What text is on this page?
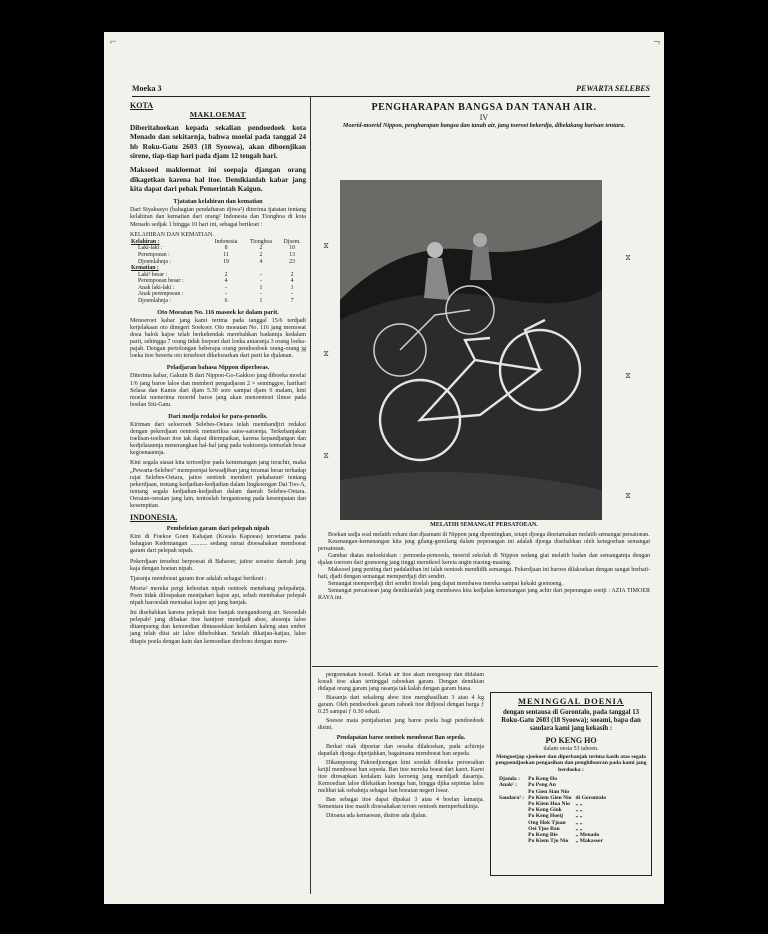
⌐	¬
Moeka 3	PEWARTA SELEBES
KOTA
MAKLOEMAT

Diberitahoekan kepada sekalian pendoedoek kota Menado dan sekitarnja, bahwa moelai pada tanggal 24 hb Roku-Gatu 2603 (18 Syoowa), akan diboenjikan sirene, tiap-tiap hari pada djam 12 tengah hari.

Maksoed makloemat ini soepaja djangan orang dikagetkan karena hal itoe. Demikianlah kabar jang kita dapat dari pehak Pemerintah Kaigun.

Tjatatan kelahiran dan kematian

Dari Siyakusyo (bahagian pendaftaran djiwa²) diterima tjatatan tentang kelahiran dan kematian dari orang² Indonesia dan Tionghoa di kota Menado sedjak 1 hingga 10 hari ini, sebagai berikoet :

KELAHIRAN DAN KEMATIAN.
Kelahiran :	Indonesia	Tionghoa	Djoem.
Laki-laki :	8	2	10
Perempoean :	11	2	13
Djoemlahnja :	19	4	23
Kematian :			
Laki² besar :	2	-	2
Perempoean besar :	4	-	4
Anak laki-laki :	-	1	1
Anak perempoean :	-	-	-
Djoemlahnja :	6	1	7
Oto Moeatan No. 116 masoek ke dalam parit.

Menoeroet kabar jang kami terima pada tanggal 15/6 terdjadi ketjelakaan oto dinegeri Soekoer. Oto moeatan No. 116 jang memoeat doea balok kajoe telah berkehendak merebahkan badannja kedalam parit, sehingga 7 orang tidak loepoet dari loeka antaranja 3 orang loeka-pajah. Dengan pertolongan beberapa orang pendoedoek orang-orang jg loeka itoe beserta oto terseboet dikeloearkan dari parit ke djalanan.

Peladjaran bahasa Nippon diperloeas.

Diterima kabar, Gakuin B dari Nippon-Go-Gakkoo jang diboeka moelai 1/6 jang baroe laloe dan memberi pengadjaran 2 × seminggoe, harihari Selasa dan Kamis dari djam 5.30 sore sampai djam 6 malam, kini moelai menerima moerid baroe jang akan menoentoet ilmoe pada boelan Siti-Gatu.

Dari medja redaksi ke para-penoelis.

Kiriman dari seloeroeh Selebes-Oetara telah membandjiri redaksi dengan pekerdjaan oentoek memeriksa satoe-satoenja. Terkebanjakan toelisan-toelisan itoe tak dapat ditempatkan, karena kepandjangan dan kedjelasannja menerangkan hal-hal jang pada waktoenja tentoelah besar kegoenaannja.

Kini segala siasat kita tertoedjoe pada kemenangan jang terachir, maka „Pewarta-Selebes” mempoenjai kewadjiban jang teramat besar terhadap rajat Selebes-Oetara, jaitoe oentoek memberi pekabaran² tentang pekerdjaan, tentang kedjadian-kedjadian dalam lingkoengan Dai Too-A, tentang segala kedjadian-kedjadian dalam daerah Selebes-Oetara. Oeraian-oeraian jang lain, tentoelah bergantoeng pada kesempatan dan kesempitan.

INDONESIA.
Pembeleian garam dari pelepah nipah

Kini di Foekoe Goen Kahajan (Koeala Kapoeas) teroetama pada bahagian Kedemangan ........... sedang ramai dioesahakan memboeat garam dari pelepah nipah.

Pekerdjaan tersebut berpoesat di Bahaoer, jaitoe soeatoe daerah jang kaja dengan hoetan nipah.

Tjaranja memboeat garam itoe adalah sebagai berikoet :

Moeia² mereka pergi kehoetan nipah oentoek menebang pelepahnja. Poen tidak diloepakan mentjahari kajoe api, sebab membakar pelepah nipah haroeslah memakai kajoe api jang banjak.

Ini disebabkan karena pelepah itoe banjak mengandoeng air. Sesoedah pelepah² jang dibakar itoe hantjoer mendjadi aboe, aboenja laloe ditampoeng dan kemoedian dimasoekkan kedalam kaleng atau ember jang telah diisi air laloe dihebohkan. Setelah dikatjau-katjau, laloe ditapis poela dengan kain dan kemoedian direboes dengan mem-

PENGHARAPAN BANGSA DAN TANAH AIR.
IV
Moerid-moerid Nippon, pengharapan bangsa dan tanah air, jang toeroet bekerdja, dibelakang barisan tentara.
⧖
⧖
⧖
⧖
⧖
⧖
MELATIH SEMANGAT PERSATOEAN.

Boekan sadja soal melatih rohani dan djasmani di Nippon jang dipentingkan, tetapi djoega dioetamakan melatih semangat persatoean.

Kesenangan-kemenangan kita jang gilang-gemilang dalam peperangan ini adalah djoega disebabkan oleh ketegoehan semangat persatoean.

Gambar diatas meloekiskan : pemoeda-pemoeda, moerid sekolah di Nippon sedang giat melatih badan dan semangatnja dengan djalan toeroen dari goenoeng jang tinggi memikoel kereta angin masing-masing.

Maksoed jang penting dari padalatihan ini ialah oentoek mendidik semangat. Pekerdjaan ini baroes dilakoekan dengan sangat berhati-hati, djadi dengan semangat memperdjaji diri sendiri.

Semangat memperdjaji diri sendiri itoelah jang dapat membawa mereka sampai kekaki goenoeng.

Semangat persatoean jang demikianlah jang membawa kita kedjalan kemenangan jang achir dari peperangan soetji : AZIA TIMOER RAYA ini.

pergoenakan koeali. Kelak air itoe akan mengoeap dan didalam koeali itoe akan tertinggal raboekan garam. Dengan demikian didapat orang garam jang rasanja tak kalah dengan garam biasa.

Biasanja dari sekaleng aboe itoe menghasilkan 3 atau 4 kg garam. Oleh pendoedoek garam raboek itoe didjoeal dengan harga ƒ 0.25 sampai ƒ 0.30 sekati.

Soesoe mata pentjaharian jang baroe poela bagi pendoedoek disini.

Pendapatan baroe oentoek memboeat Ban sepeda.

Berkat otak dipoetar dan oesaha dilakoekan, pada achirnja dapatlah djoega dipetjahkan, bagaimana memboeat ban sepeda.

Dikampoeng Pakoedjoengan kini soedah diboeka peroesahan ketjil memboeat ban sepeda. Ban itoe mereka boeat dari karet. Karet itoe diresapkan kedalam kain keroeng jang mendjadi dasarnja. Kemoedian laloe dilekatkan boenga ban, hingga djika sepintas laloe melihat tak oebahnja sebagai ban boeatan negeri loear.

Ban sebagai itoe dapat dipakai 3 atau 4 boelan lamanja. Sementara itoe masih dioesahakan teroes oentoek memperbaikinja.

Ditoana ada kemaoean, disitoe ada djalan.

MENINGGAL DOENIA
dengan sentausa di Gorontalo, pada tanggal 13 Roku-Gatu 2603 (18 Syoowa); soeami, bapa dan saudara kami jang kekasih :
PO KENG HO
dalam oesia 53 tahoen.
Mengoetjap sjoekoer dan diperbanjak terima kasih atas segala pengoendjoekan pengasihan dan penghiboeran pada kami jang berdoeka :
Djanda :	Po Keng Ho	
Anak² :	Po Peng An	
	Po Gien Sian Nio	
Saudara² :	Po Kiem Gien Nio	di Gorontalo
	Po Kiem Hoa Nio	„ „
	Po Keng Giok	„ „
	Po Keng Hoeij	„ „
	Ong Hok Tjoan	„ „
	Oei Tjoe Ban	„ „
	Po Keng Bie	„ Menado
	Po Kiem Tjo Nio	„ Makasser
